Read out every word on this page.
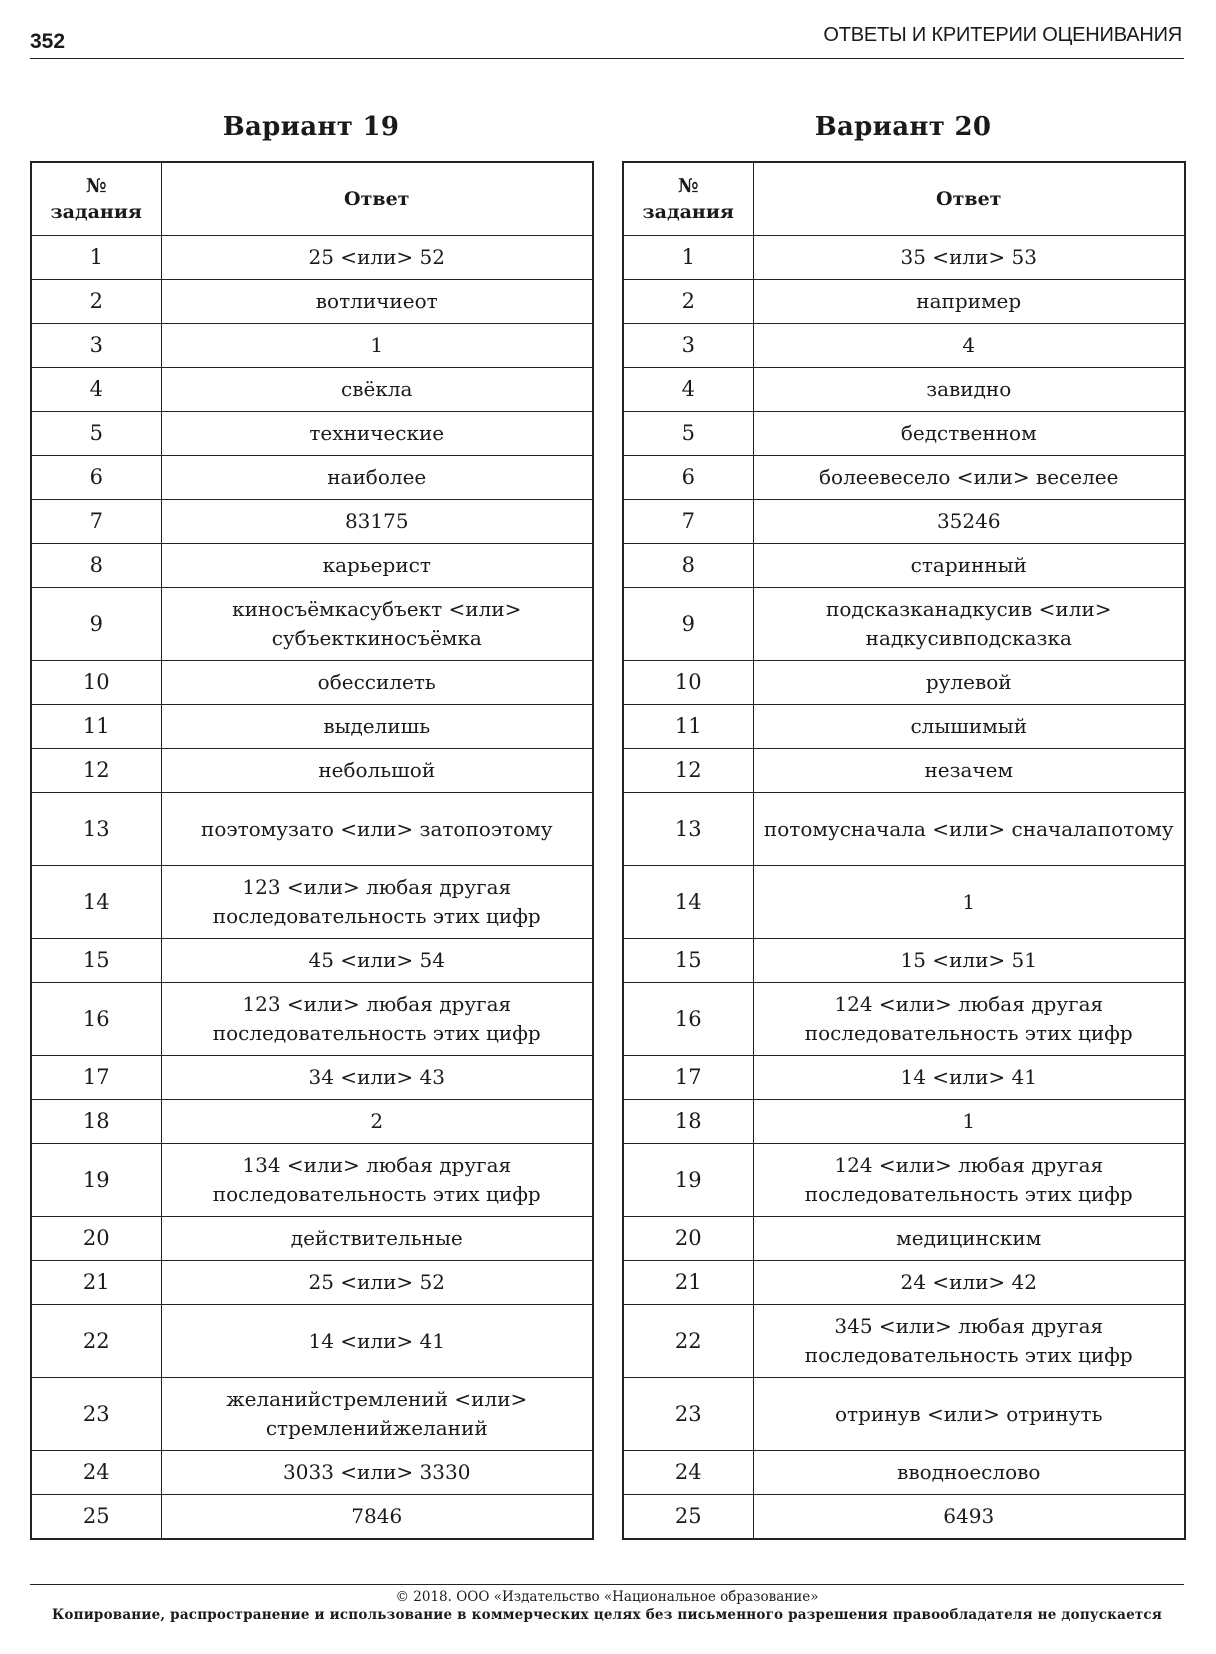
352	ОТВЕТЫ И КРИТЕРИИ ОЦЕНИВАНИЯ
Вариант 19
№ задания	Ответ
1	25 <или> 52
2	вотличиеот
3	1
4	свёкла
5	технические
6	наиболее
7	83175
8	карьерист
9	киносъёмкасубъект <или> субъекткиносъёмка
10	обессилеть
11	выделишь
12	небольшой
13	поэтомузато <или> затопоэтому
14	123 <или> любая другая последовательность этих цифр
15	45 <или> 54
16	123 <или> любая другая последовательность этих цифр
17	34 <или> 43
18	2
19	134 <или> любая другая последовательность этих цифр
20	действительные
21	25 <или> 52
22	14 <или> 41
23	желанийстремлений <или> стремленийжеланий
24	3033 <или> 3330
25	7846
Вариант 20
№ задания	Ответ
1	35 <или> 53
2	например
3	4
4	завидно
5	бедственном
6	болеевесело <или> веселее
7	35246
8	старинный
9	подсказканадкусив <или> надкусивподсказка
10	рулевой
11	слышимый
12	незачем
13	потомусначала <или> сначалапотому
14	1
15	15 <или> 51
16	124 <или> любая другая последовательность этих цифр
17	14 <или> 41
18	1
19	124 <или> любая другая последовательность этих цифр
20	медицинским
21	24 <или> 42
22	345 <или> любая другая последовательность этих цифр
23	отринув <или> отринуть
24	вводноеслово
25	6493
© 2018. ООО «Издательство «Национальное образование»
Копирование, распространение и использование в коммерческих целях без письменного разрешения правообладателя не допускается
